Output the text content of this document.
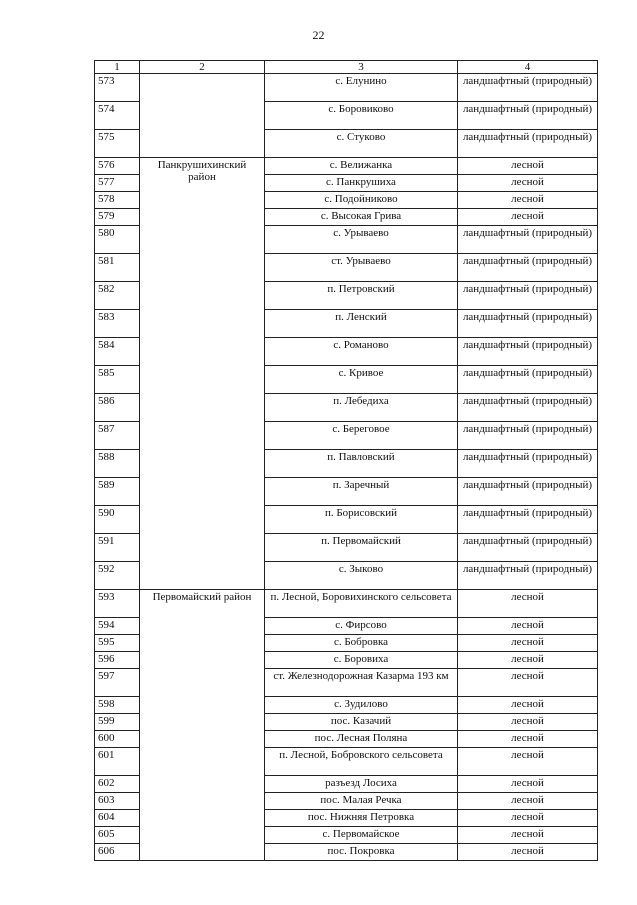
22
1	2	3	4
573		с. Елунино	ландшафтный (природный)
574		с. Боровиково	ландшафтный (природный)
575		с. Стуково	ландшафтный (природный)
576	Панкрушихинский район	с. Велижанка	лесной
577		с. Панкрушиха	лесной
578		с. Подойниково	лесной
579		с. Высокая Грива	лесной
580		с. Урываево	ландшафтный (природный)
581		ст. Урываево	ландшафтный (природный)
582		п. Петровский	ландшафтный (природный)
583		п. Ленский	ландшафтный (природный)
584		с. Романово	ландшафтный (природный)
585		с. Кривое	ландшафтный (природный)
586		п. Лебедиха	ландшафтный (природный)
587		с. Береговое	ландшафтный (природный)
588		п. Павловский	ландшафтный (природный)
589		п. Заречный	ландшафтный (природный)
590		п. Борисовский	ландшафтный (природный)
591		п. Первомайский	ландшафтный (природный)
592		с. Зыково	ландшафтный (природный)
593	Первомайский район	п. Лесной, Боровихинского сельсовета	лесной
594		с. Фирсово	лесной
595		с. Бобровка	лесной
596		с. Боровиха	лесной
597		ст. Железнодорожная Казарма 193 км	лесной
598		с. Зудилово	лесной
599		пос. Казачий	лесной
600		пос. Лесная Поляна	лесной
601		п. Лесной, Бобровского сельсовета	лесной
602		разъезд Лосиха	лесной
603		пос. Малая Речка	лесной
604		пос. Нижняя Петровка	лесной
605		с. Первомайское	лесной
606		пос. Покровка	лесной
